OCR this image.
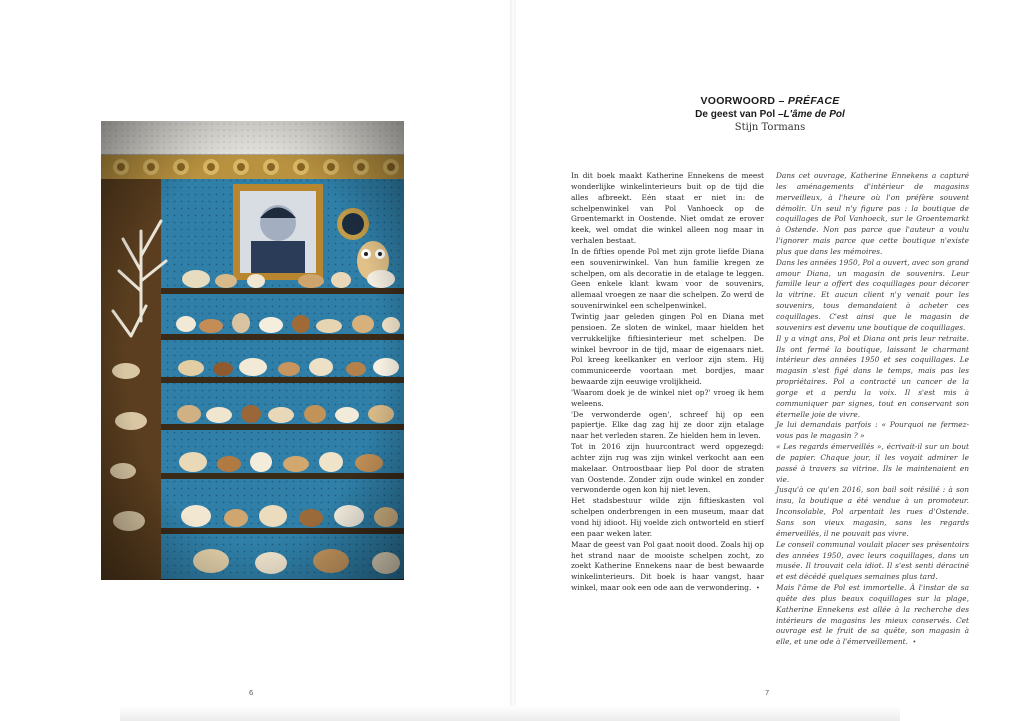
VOORWOORD – PRÉFACE
De geest van Pol –L'âme de Pol
Stijn Tormans

In dit boek maakt Katherine Ennekens de meest wonderlijke winkelinterieurs buit op de tijd die alles afbreekt. Eén staat er niet in: de schelpenwinkel van Pol Vanhoeck op de Groentemarkt in Oostende. Niet omdat ze erover keek, wel omdat die winkel alleen nog maar in verhalen bestaat.

In de fifties opende Pol met zijn grote liefde Diana een souvenirwinkel. Van hun familie kregen ze schelpen, om als decoratie in de etalage te leggen. Geen enkele klant kwam voor de souvenirs, allemaal vroegen ze naar die schelpen. Zo werd de souvenirwinkel een schelpenwinkel.

Twintig jaar geleden gingen Pol en Diana met pensioen. Ze sloten de winkel, maar hielden het verrukkelijke fiftiesinterieur met schelpen. De winkel bevroor in de tijd, maar de eigenaars niet. Pol kreeg keelkanker en verloor zijn stem. Hij communiceerde voortaan met bordjes, maar bewaarde zijn eeuwige vrolijkheid.

'Waarom doek je de winkel niet op?' vroeg ik hem weleens.

'De verwonderde ogen', schreef hij op een papiertje. Elke dag zag hij ze door zijn etalage naar het verleden staren. Ze hielden hem in leven.

Tot in 2016 zijn huurcontract werd opgezegd: achter zijn rug was zijn winkel verkocht aan een makelaar. Ontroostbaar liep Pol door de straten van Oostende. Zonder zijn oude winkel en zonder verwonderde ogen kon hij niet leven.

Het stadsbestuur wilde zijn fiftieskasten vol schelpen onderbrengen in een museum, maar dat vond hij idioot. Hij voelde zich ontworteld en stierf een paar weken later.

Maar de geest van Pol gaat nooit dood. Zoals hij op het strand naar de mooiste schelpen zocht, zo zoekt Katherine Ennekens naar de best bewaarde winkelinterieurs. Dit boek is haar vangst, haar winkel, maar ook een ode aan de verwondering. •

Dans cet ouvrage, Katherine Ennekens a capturé les aménagements d'intérieur de magasins merveilleux, à l'heure où l'on préfère souvent démolir. Un seul n'y figure pas : la boutique de coquillages de Pol Vanhoeck, sur le Groentemarkt à Ostende. Non pas parce que l'auteur a voulu l'ignorer mais parce que cette boutique n'existe plus que dans les mémoires.

Dans les années 1950, Pol a ouvert, avec son grand amour Diana, un magasin de souvenirs. Leur famille leur a offert des coquillages pour décorer la vitrine. Et aucun client n'y venait pour les souvenirs, tous demandaient à acheter ces coquillages. C'est ainsi que le magasin de souvenirs est devenu une boutique de coquillages.

Il y a vingt ans, Pol et Diana ont pris leur retraite. Ils ont fermé la boutique, laissant le charmant intérieur des années 1950 et ses coquillages. Le magasin s'est figé dans le temps, mais pas les propriétaires. Pol a contracté un cancer de la gorge et a perdu la voix. Il s'est mis à communiquer par signes, tout en conservant son éternelle joie de vivre.

Je lui demandais parfois : « Pourquoi ne fermez-vous pas le magasin ? »

« Les regards émerveillés », écrivait-il sur un bout de papier. Chaque jour, il les voyait admirer le passé à travers sa vitrine. Ils le maintenaient en vie.

Jusqu'à ce qu'en 2016, son bail soit résilié : à son insu, la boutique a été vendue à un promoteur. Inconsolable, Pol arpentait les rues d'Ostende. Sans son vieux magasin, sans les regards émerveillés, il ne pouvait pas vivre.

Le conseil communal voulait placer ses présentoirs des années 1950, avec leurs coquillages, dans un musée. Il trouvait cela idiot. Il s'est senti déraciné et est décédé quelques semaines plus tard.

Mais l'âme de Pol est immortelle. À l'instar de sa quête des plus beaux coquillages sur la plage, Katherine Ennekens est allée à la recherche des intérieurs de magasins les mieux conservés. Cet ouvrage est le fruit de sa quête, son magasin à elle, et une ode à l'émerveillement. •

6	7
